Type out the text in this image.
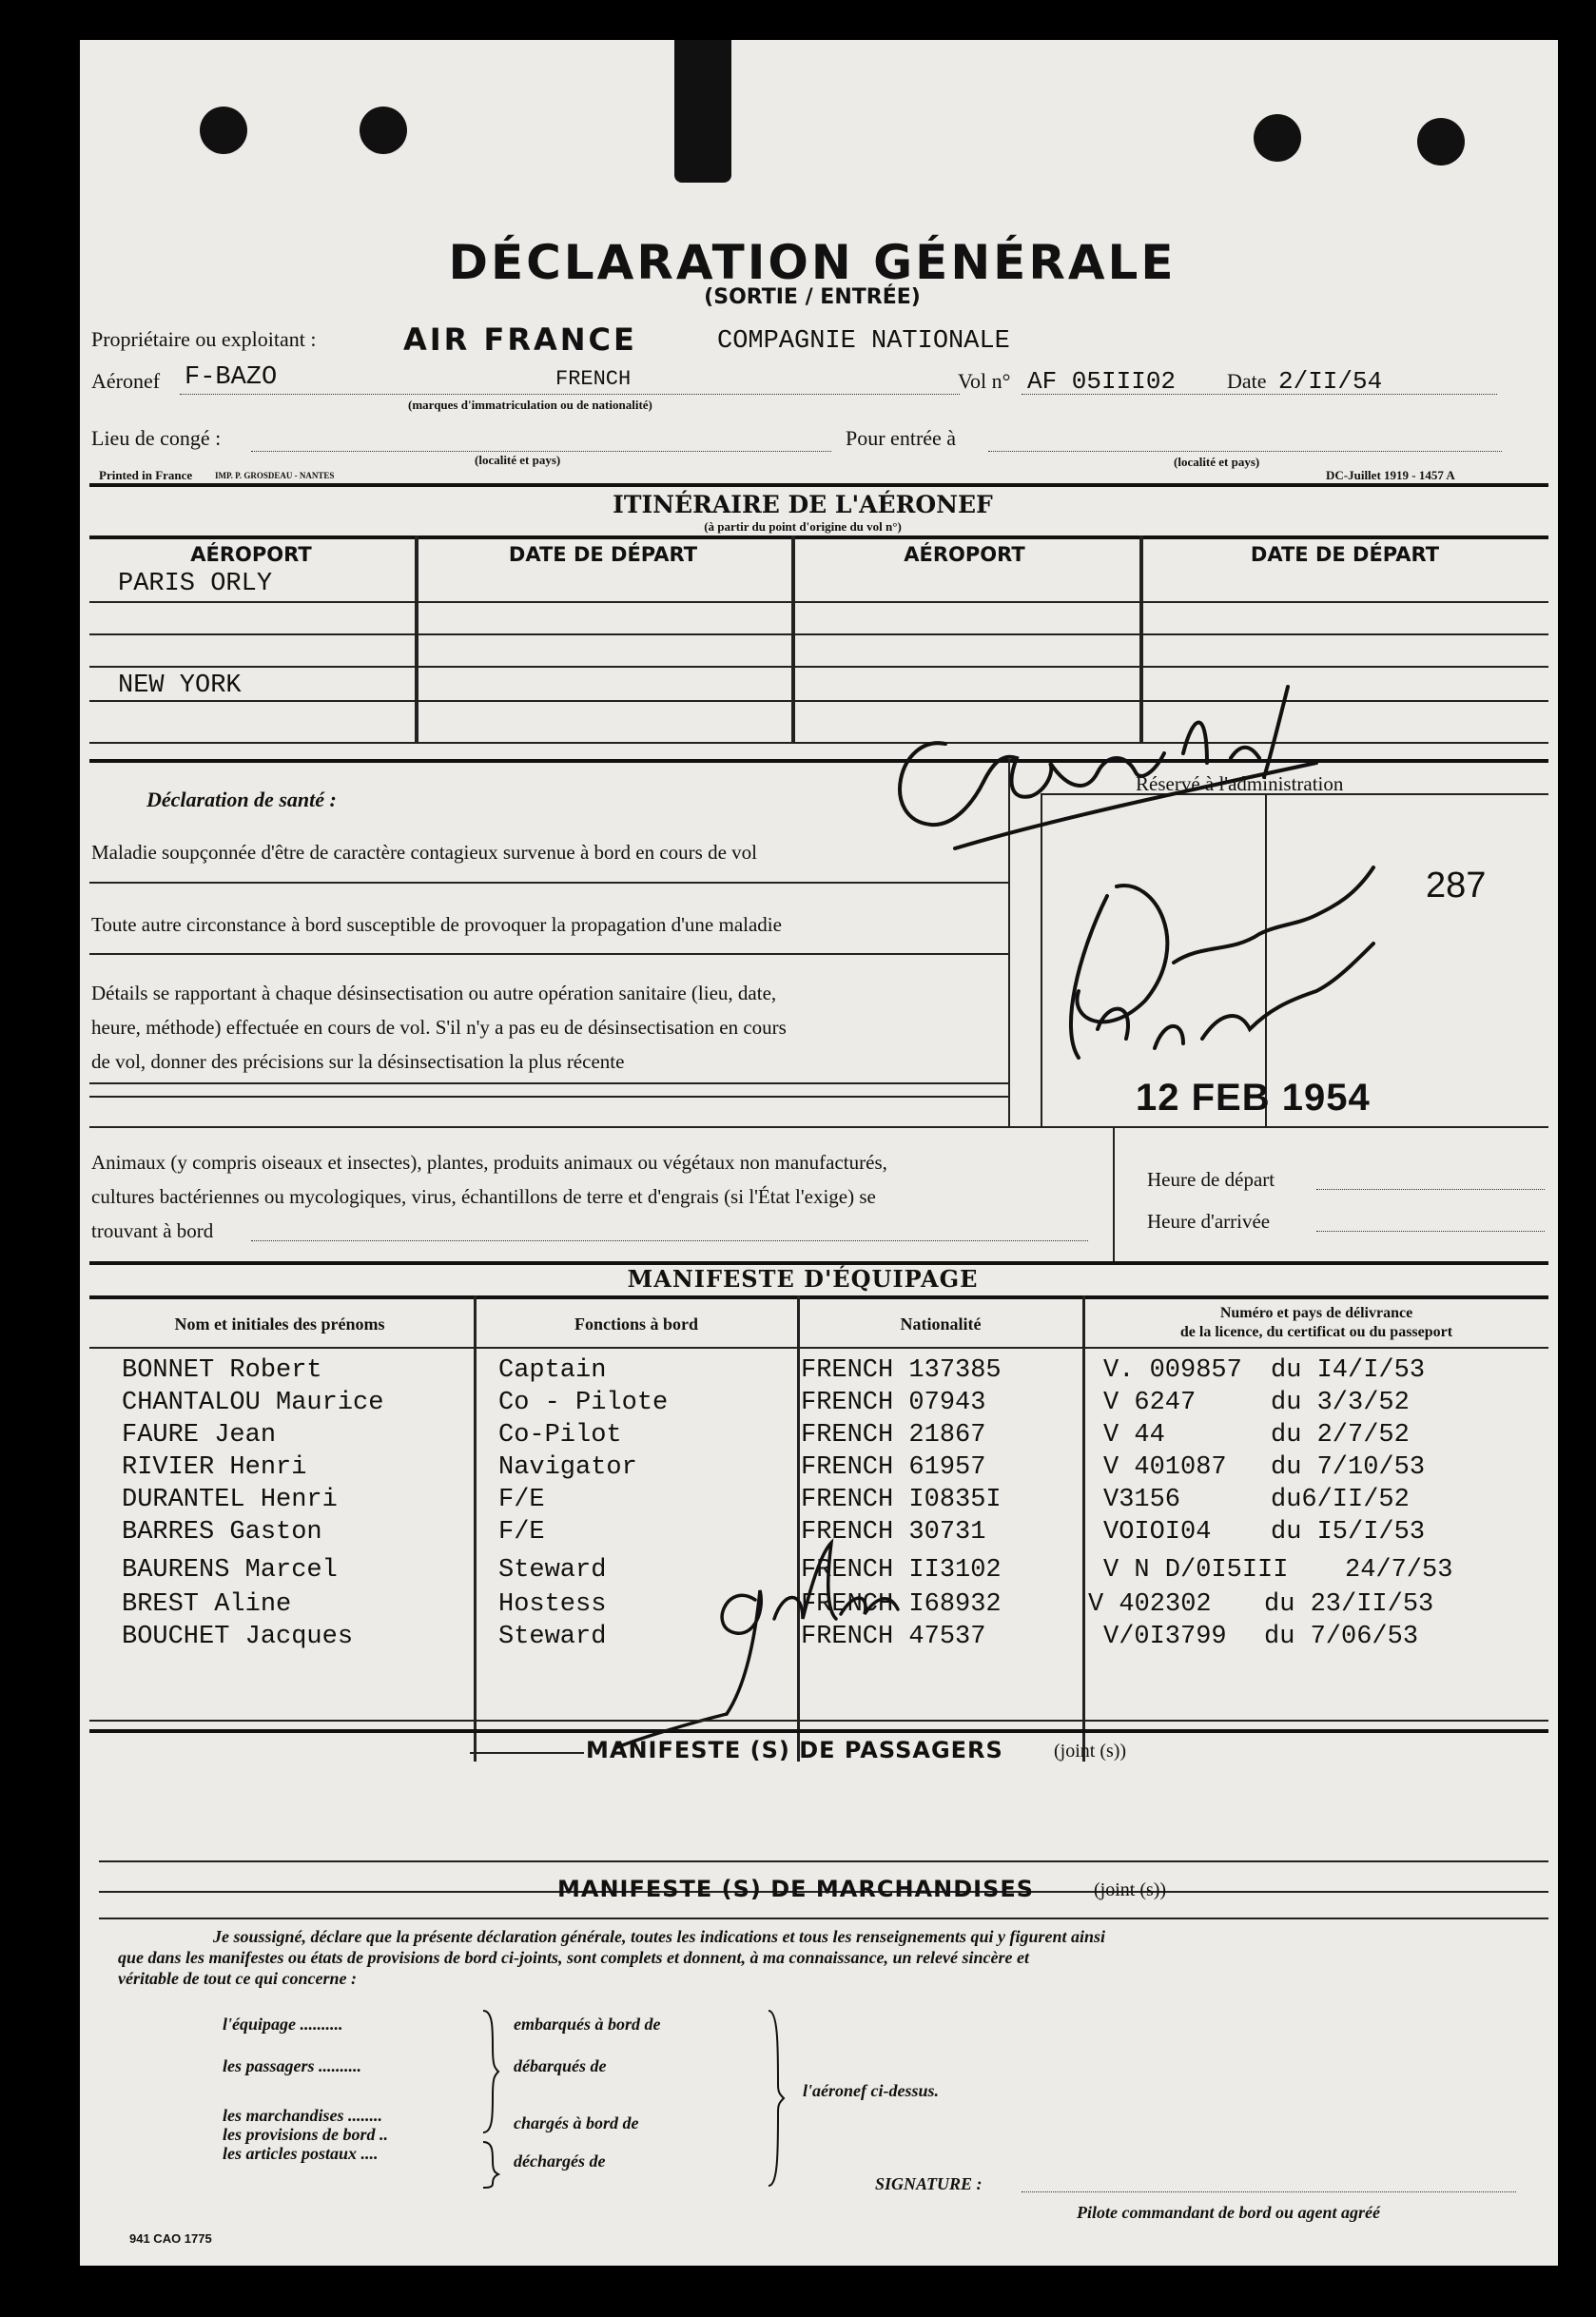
DÉCLARATION GÉNÉRALE
(SORTIE / ENTRÉE)
Propriétaire ou exploitant :	AIR FRANCE	COMPAGNIE NATIONALE
Aéronef F-BAZO	FRENCH
(marques d'immatriculation ou de nationalité)
Vol n° AF 05III02 Date 2/II/54
Lieu de congé :
(localité et pays)
Pour entrée à
(localité et pays)
Printed in France	IMP. P. GROSDEAU - NANTES	DC-Juillet 1919 - 1457 A
ITINÉRAIRE DE L'AÉRONEF
(à partir du point d'origine du vol n°)
AÉROPORT	DATE DE DÉPART	AÉROPORT	DATE DE DÉPART
PARIS ORLY
NEW YORK
Déclaration de santé :
Maladie soupçonnée d'être de caractère contagieux survenue à bord en cours de vol
Toute autre circonstance à bord susceptible de provoquer la propagation d'une maladie
Détails se rapportant à chaque désinsectisation ou autre opération sanitaire (lieu, date,
heure, méthode) effectuée en cours de vol. S'il n'y a pas eu de désinsectisation en cours
de vol, donner des précisions sur la désinsectisation la plus récente
Réservé à l'administration
287
12 FEB 1954
Animaux (y compris oiseaux et insectes), plantes, produits animaux ou végétaux non manufacturés,
cultures bactériennes ou mycologiques, virus, échantillons de terre et d'engrais (si l'État l'exige) se
trouvant à bord
Heure de départ
Heure d'arrivée
MANIFESTE D'ÉQUIPAGE
Nom et initiales des prénoms	Fonctions à bord	Nationalité
Numéro et pays de délivrance
de la licence, du certificat ou du passeport
BONNET Robert	Captain	FRENCH 137385	V. 009857 du I4/I/53
CHANTALOU Maurice	Co - Pilote	FRENCH 07943	V 6247	du 3/3/52
FAURE Jean	Co-Pilot	FRENCH 21867	V 44	du 2/7/52
RIVIER Henri	Navigator	FRENCH 61957	V 401087 du 7/10/53
DURANTEL Henri	F/E	FRENCH I0835I	V3156	du6/II/52
BARRES Gaston	F/E	FRENCH 30731	VOIOI04 du I5/I/53
BAURENS Marcel	Steward	FRENCH II3102	V N D/0I5III 24/7/53
BREST Aline	Hostess	FRENCH I68932	V 402302 du 23/II/53
BOUCHET Jacques	Steward	FRENCH 47537	V/0I3799 du 7/06/53
MANIFESTE (S) DE PASSAGERS	(joint (s))
MANIFESTE (S) DE MARCHANDISES	(joint (s))
Je soussigné, déclare que la présente déclaration générale, toutes les indications et tous les renseignements qui y figurent ainsi
que dans les manifestes ou états de provisions de bord ci-joints, sont complets et donnent, à ma connaissance, un relevé sincère et
véritable de tout ce qui concerne :
l'équipage ..........
les passagers ..........
les marchandises ........
les provisions de bord ..
les articles postaux ....
embarqués à bord de
débarqués de
chargés à bord de
déchargés de
l'aéronef ci-dessus.
SIGNATURE :
Pilote commandant de bord ou agent agréé
941 CAO 1775
